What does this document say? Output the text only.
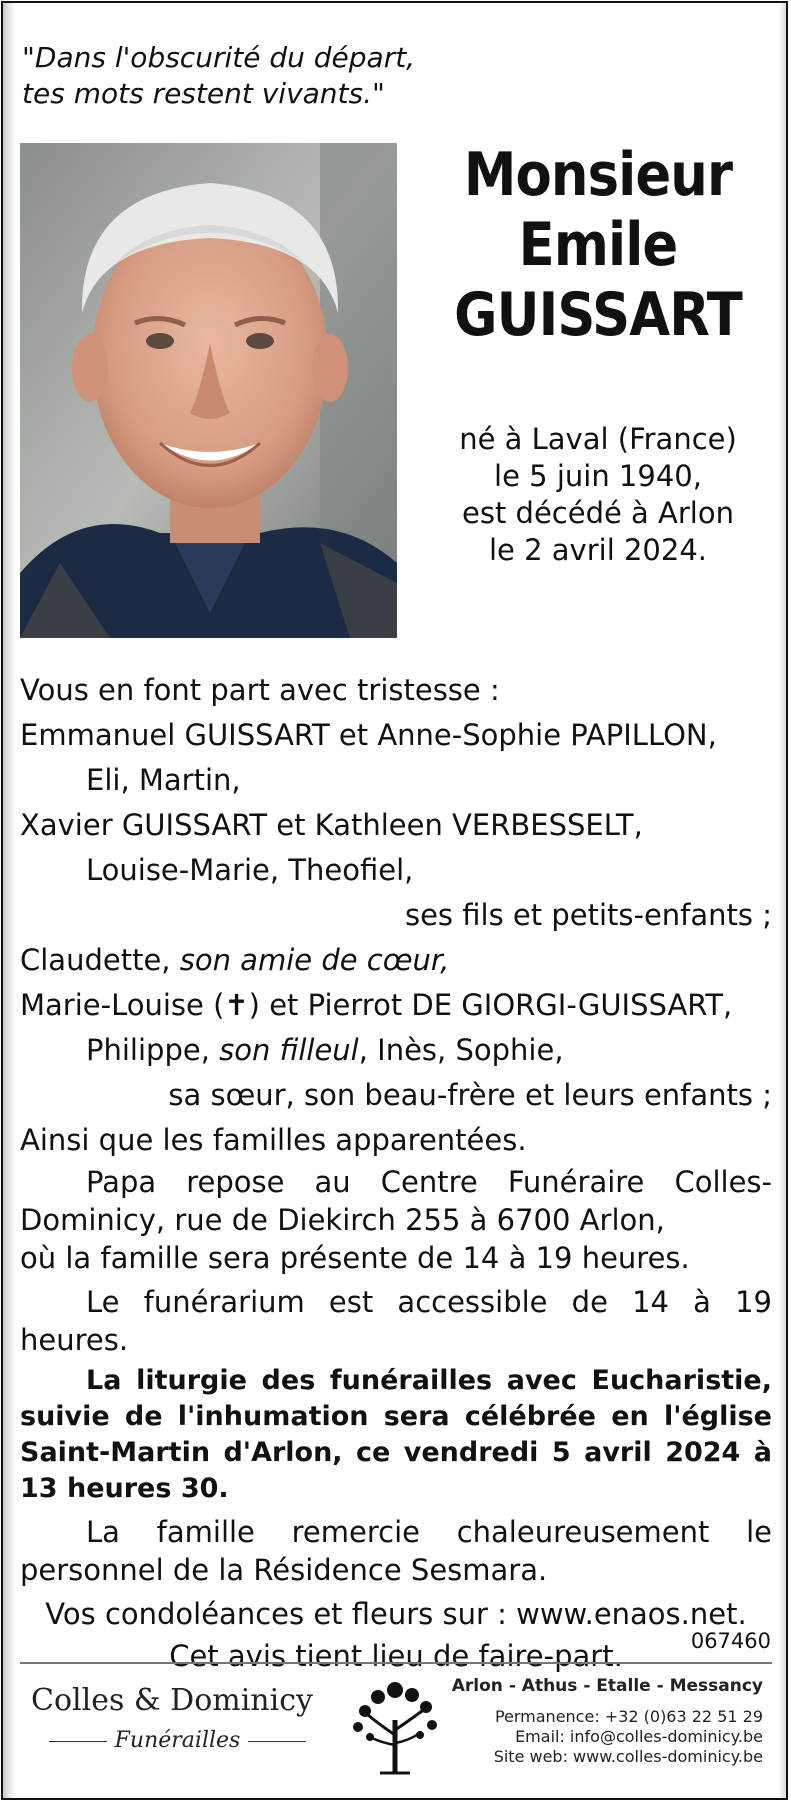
"Dans l'obscurité du départ,
tes mots restent vivants."
Monsieur
Emile
GUISSART
né à Laval (France)
le 5 juin 1940,
est décédé à Arlon
le 2 avril 2024.

Vous en font part avec tristesse :

Emmanuel GUISSART et Anne-Sophie PAPILLON,

Eli, Martin,

Xavier GUISSART et Kathleen VERBESSELT,

Louise-Marie, Theofiel,

ses fils et petits-enfants ;

Claudette, son amie de cœur,

Marie-Louise (✝) et Pierrot DE GIORGI-GUISSART,

Philippe, son filleul, Inès, Sophie,

sa sœur, son beau-frère et leurs enfants ;

Ainsi que les familles apparentées.

Papa repose au Centre Funéraire Colles-Dominicy, rue de Diekirch 255 à 6700 Arlon,
où la famille sera présente de 14 à 19 heures.

Le funérarium est accessible de 14 à 19 heures.

La liturgie des funérailles avec Eucharistie, suivie de l'inhumation sera célébrée en l'église Saint-Martin d'Arlon, ce vendredi 5 avril 2024 à 13 heures 30.

La famille remercie chaleureusement le personnel de la Résidence Sesmara.

Vos condoléances et fleurs sur : www.enaos.net.

Cet avis tient lieu de faire-part.	067460
Colles & Dominicy
Funérailles
Arlon - Athus - Etalle - Messancy
Permanence: +32 (0)63 22 51 29
Email: info@colles-dominicy.be
Site web: www.colles-dominicy.be
